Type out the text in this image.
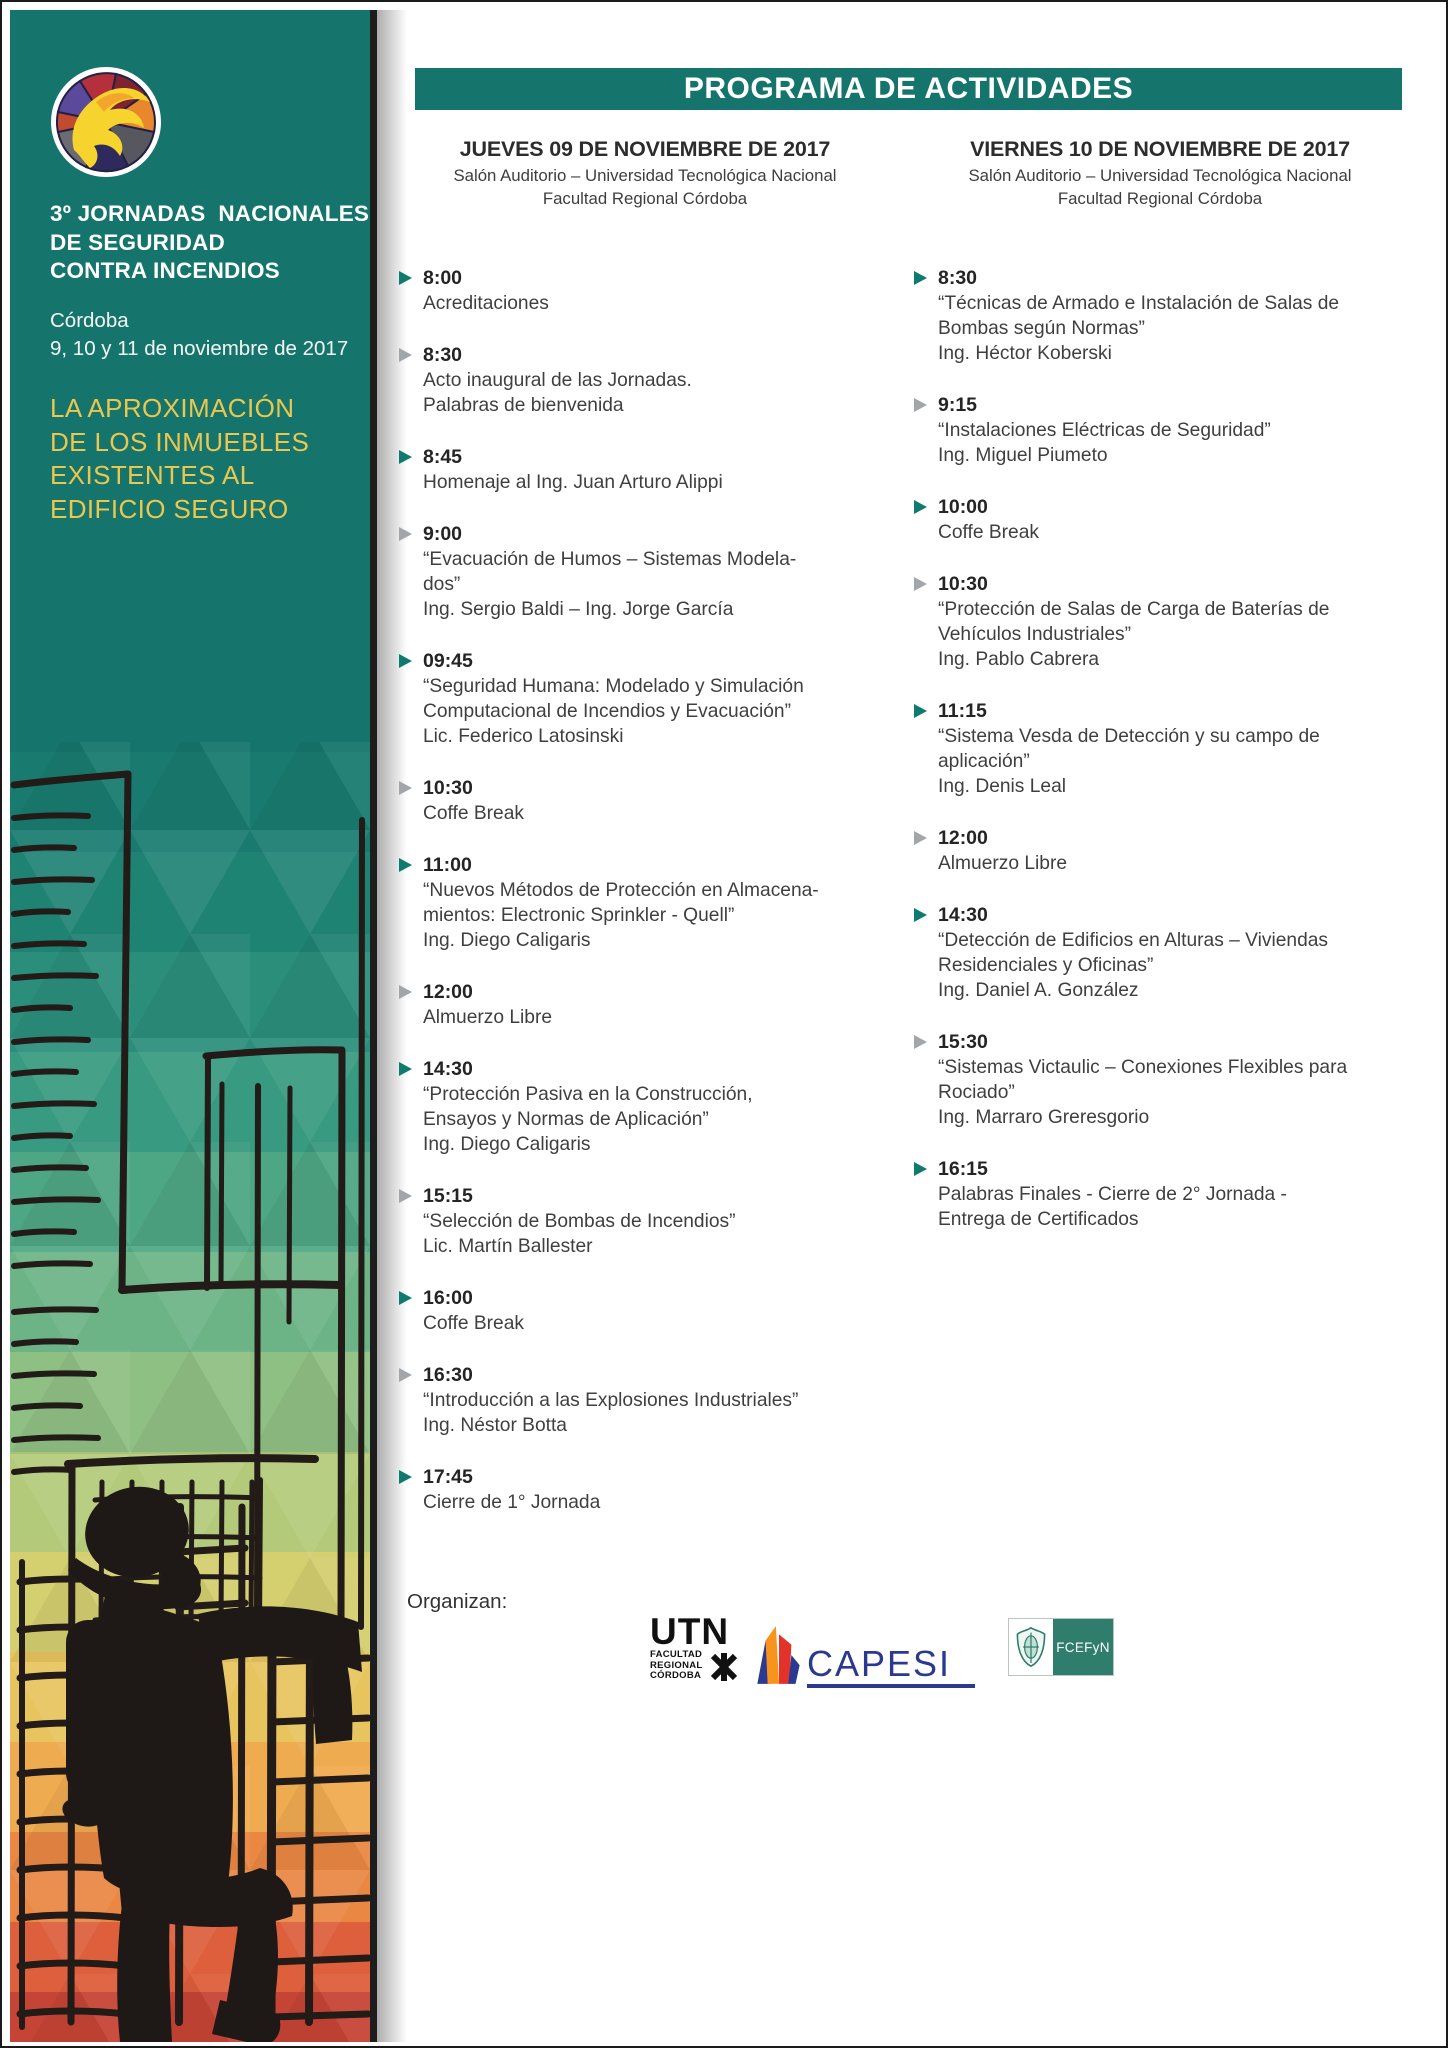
3º JORNADAS  NACIONALES
DE SEGURIDAD
CONTRA INCENDIOS
Córdoba
9, 10 y 11 de noviembre de 2017
LA APROXIMACIÓN
DE LOS INMUEBLES
EXISTENTES AL
EDIFICIO SEGURO
PROGRAMA DE ACTIVIDADES
JUEVES 09 DE NOVIEMBRE DE 2017
Salón Auditorio – Universidad Tecnológica Nacional
Facultad Regional Córdoba
8:00
Acreditaciones
8:30
Acto inaugural de las Jornadas.
Palabras de bienvenida
8:45
Homenaje al Ing. Juan Arturo Alippi
9:00
“Evacuación de Humos – Sistemas Modela-
dos”
Ing. Sergio Baldi – Ing. Jorge García
09:45
“Seguridad Humana: Modelado y Simulación
Computacional de Incendios y Evacuación”
Lic. Federico Latosinski
10:30
Coffe Break
11:00
“Nuevos Métodos de Protección en Almacena-
mientos: Electronic Sprinkler - Quell”
Ing. Diego Caligaris
12:00
Almuerzo Libre
14:30
“Protección Pasiva en la Construcción,
Ensayos y Normas de Aplicación”
Ing. Diego Caligaris
15:15
“Selección de Bombas de Incendios”
Lic. Martín Ballester
16:00
Coffe Break
16:30
“Introducción a las Explosiones Industriales”
Ing. Néstor Botta
17:45
Cierre de 1° Jornada
VIERNES 10 DE NOVIEMBRE DE 2017
Salón Auditorio – Universidad Tecnológica Nacional
Facultad Regional Córdoba
8:30
“Técnicas de Armado e Instalación de Salas de
Bombas según Normas”
Ing. Héctor Koberski
9:15
“Instalaciones Eléctricas de Seguridad”
Ing. Miguel Piumeto
10:00
Coffe Break
10:30
“Protección de Salas de Carga de Baterías de
Vehículos Industriales”
Ing. Pablo Cabrera
11:15
“Sistema Vesda de Detección y su campo de
aplicación”
Ing. Denis Leal
12:00
Almuerzo Libre
14:30
“Detección de Edificios en Alturas – Viviendas
Residenciales y Oficinas”
Ing. Daniel A. González
15:30
“Sistemas Victaulic – Conexiones Flexibles para
Rociado”
Ing. Marraro Greresgorio
16:15
Palabras Finales - Cierre de 2° Jornada -
Entrega de Certificados
Organizan:
UTN
FACULTAD
REGIONAL
CÓRDOBA	CAPESI	FCEFyN
